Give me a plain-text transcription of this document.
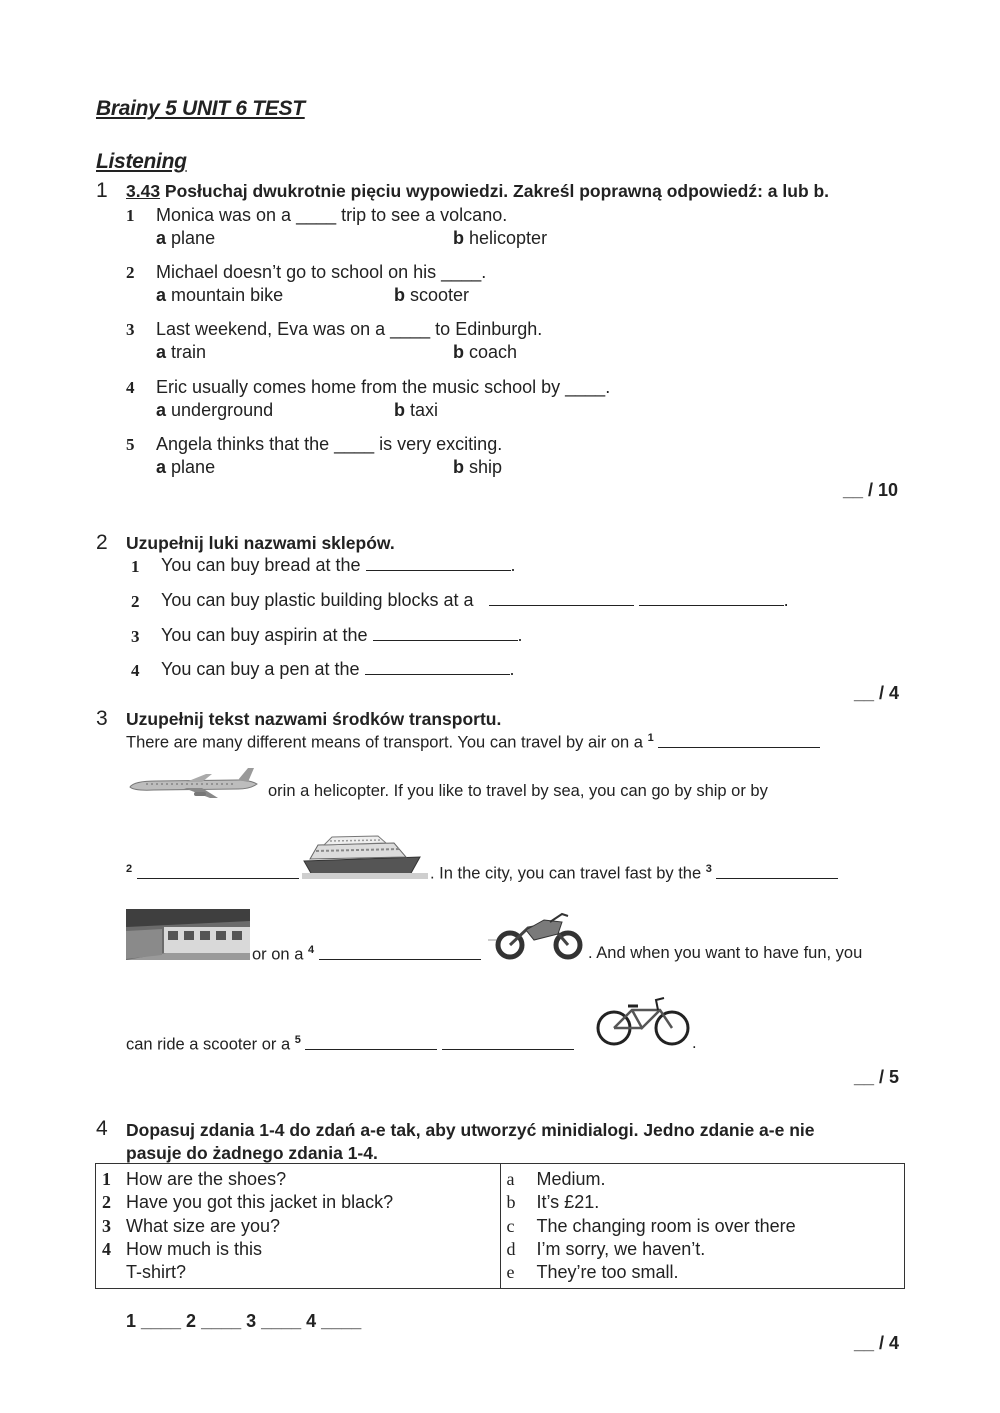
Brainy 5 UNIT 6 TEST
Listening
1 3.43 Posłuchaj dwukrotnie pięciu wypowiedzi. Zakreśl poprawną odpowiedź: a lub b.
1 Monica was on a ____ trip to see a volcano.
a plane	b helicopter
2 Michael doesn’t go to school on his ____.
a mountain bike	b scooter
3 Last weekend, Eva was on a ____ to Edinburgh.
a train	b coach
4 Eric usually comes home from the music school by ____.
a underground	b taxi
5 Angela thinks that the ____ is very exciting.
a plane	b ship
__ / 10
2 Uzupełnij luki nazwami sklepów.
1 You can buy bread at the	.
2 You can buy plastic building blocks at a	.
3 You can buy aspirin at the	.
4 You can buy a pen at the	.
__ / 4
3 Uzupełnij tekst nazwami środków transportu.
There are many different means of transport. You can travel by air on a $^1$
orin a helicopter. If you like to travel by sea, you can go by ship or by
$^2$	. In the city, you can travel fast by the $^3$
or on a $^4$	. And when you want to have fun, you
can ride a scooter or a $^5$	.
__ / 5
4 Dopasuj zdania 1-4 do zdań a-e tak, aby utworzyć minidialogi. Jedno zdanie a-e nie
pasuje do żadnego zdania 1-4.
1 How are the shoes?
2 Have you got this jacket in black?
3 What size are you?
4 How much is this
T-shirt?

a	Medium.
b	It’s £21.
c	The changing room is over there
d	I’m sorry, we haven’t.
e	They’re too small.
1 ____ 2 ____ 3 ____ 4 ____
__ / 4
